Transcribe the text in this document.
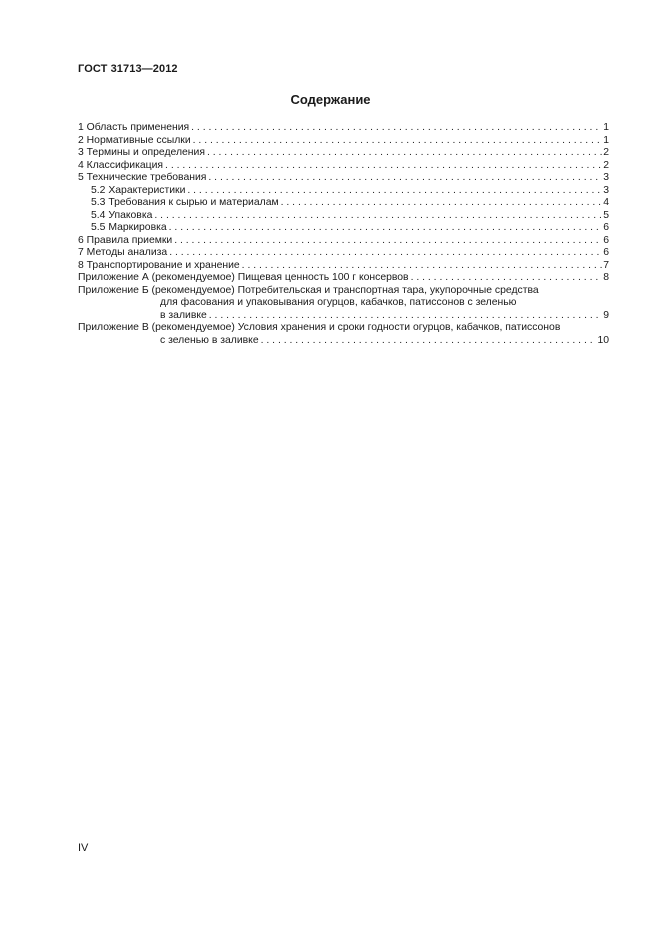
ГОСТ 31713—2012
Содержание
1 Область применения . . .	1
2 Нормативные ссылки . . .	1
3 Термины и определения . . .	2
4 Классификация . . .	2
5 Технические требования . . .	3
5.2 Характеристики . . .	3
5.3 Требования к сырью и материалам . . .	4
5.4 Упаковка . . .	5
5.5 Маркировка . . .	6
6 Правила приемки . . .	6
7 Методы анализа . . .	6
8 Транспортирование и хранение . . .	7
Приложение А (рекомендуемое) Пищевая ценность 100 г консервов . . .	8
Приложение Б (рекомендуемое) Потребительская и транспортная тара, укупорочные средства
для фасования и упаковывания огурцов, кабачков, патиссонов с зеленью
в заливке . . .	9
Приложение В (рекомендуемое) Условия хранения и сроки годности огурцов, кабачков, патиссонов
с зеленью в заливке . . .	10
IV
